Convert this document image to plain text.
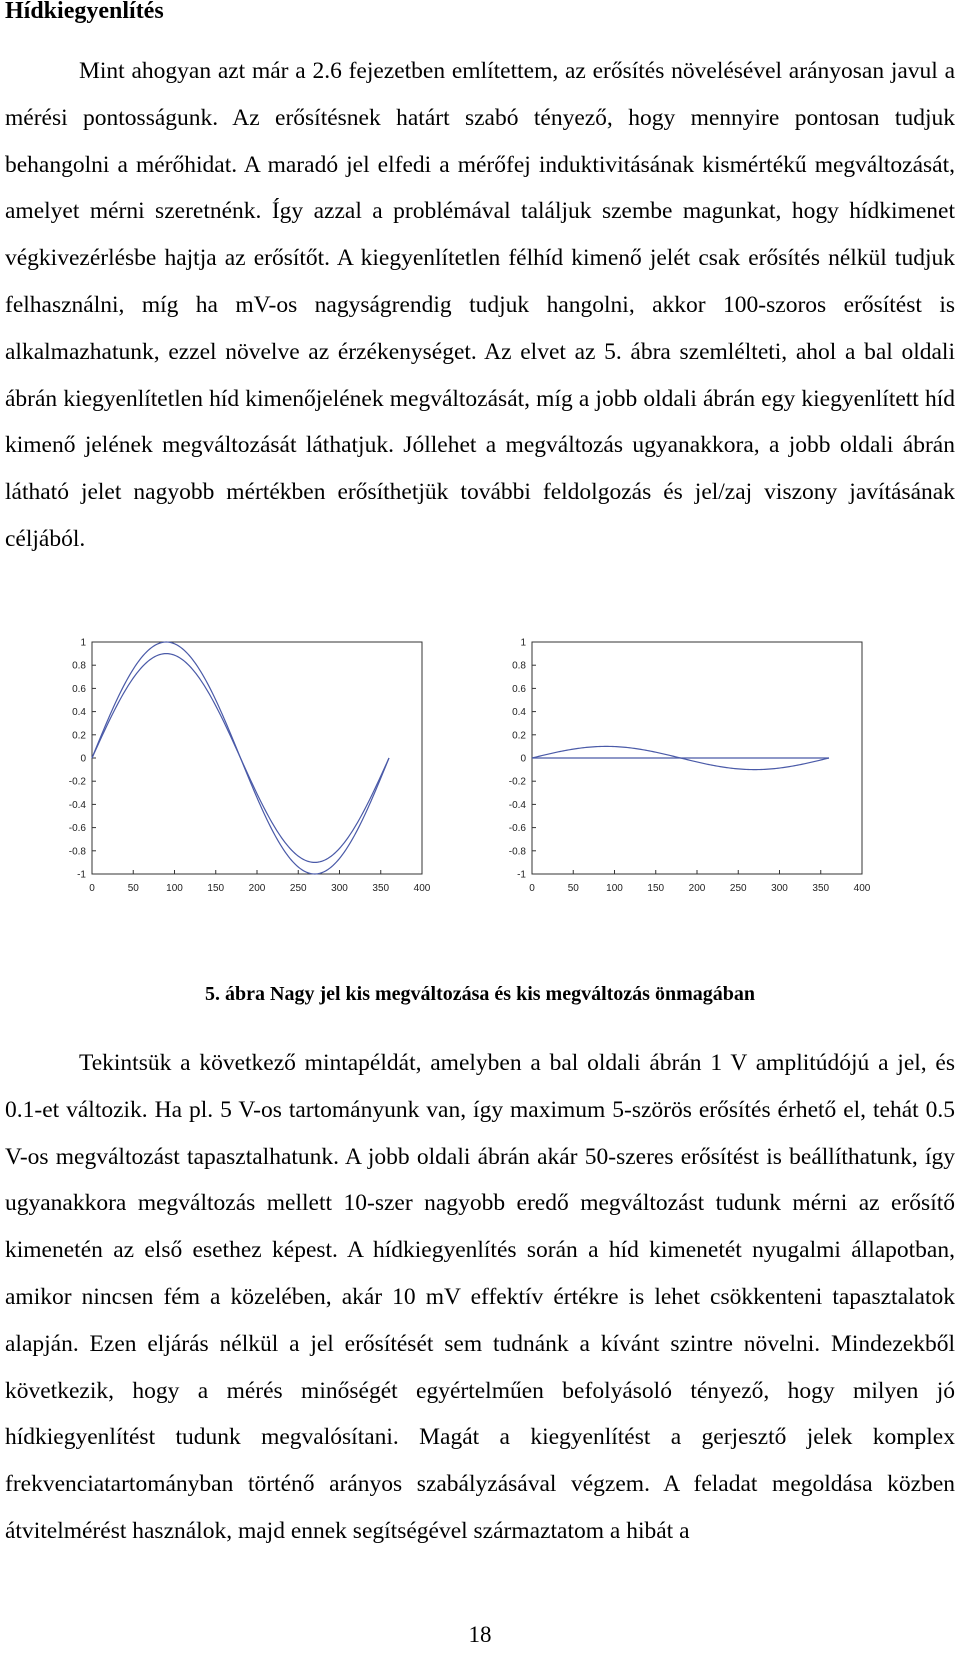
Hídkiegyenlítés

Mint ahogyan azt már a 2.6 fejezetben említettem, az erősítés növelésével arányosan javul a mérési pontosságunk. Az erősítésnek határt szabó tényező, hogy mennyire pontosan tudjuk behangolni a mérőhidat. A maradó jel elfedi a mérőfej induktivitásának kismértékű megváltozását, amelyet mérni szeretnénk. Így azzal a problémával találjuk szembe magunkat, hogy hídkimenet végkivezérlésbe hajtja az erősítőt. A kiegyenlítetlen félhíd kimenő jelét csak erősítés nélkül tudjuk felhasználni, míg ha mV-os nagyságrendig tudjuk hangolni, akkor 100-szoros erősítést is alkalmazhatunk, ezzel növelve az érzékenységet. Az elvet az 5. ábra szemlélteti, ahol a bal oldali ábrán kiegyenlítetlen híd kimenőjelének megváltozását, míg a jobb oldali ábrán egy kiegyenlített híd kimenő jelének megváltozását láthatjuk. Jóllehet a megváltozás ugyanakkora, a jobb oldali ábrán látható jelet nagyobb mértékben erősíthetjük további feldolgozás és jel/zaj viszony javításának céljából.

1
0.8
0.6
0.4
0.2
0
-0.2
-0.4
-0.6
-0.8
-1
0	50	100 150 200 250 300 350 400
1
0.8
0.6
0.4
0.2
0
-0.2
-0.4
-0.6
-0.8
-1
0	50	100 150 200 250 300 350 400

5. ábra Nagy jel kis megváltozása és kis megváltozás önmagában

Tekintsük a következő mintapéldát, amelyben a bal oldali ábrán 1 V amplitúdójú a jel, és 0.1-et változik. Ha pl. 5 V-os tartományunk van, így maximum 5-szörös erősítés érhető el, tehát 0.5 V-os megváltozást tapasztalhatunk. A jobb oldali ábrán akár 50-szeres erősítést is beállíthatunk, így ugyanakkora megváltozás mellett 10-szer nagyobb eredő megváltozást tudunk mérni az erősítő kimenetén az első esethez képest. A hídkiegyenlítés során a híd kimenetét nyugalmi állapotban, amikor nincsen fém a közelében, akár 10 mV effektív értékre is lehet csökkenteni tapasztalatok alapján. Ezen eljárás nélkül a jel erősítését sem tudnánk a kívánt szintre növelni. Mindezekből következik, hogy a mérés minőségét egyértelműen befolyásoló tényező, hogy milyen jó hídkiegyenlítést tudunk megvalósítani. Magát a kiegyenlítést a gerjesztő jelek komplex frekvenciatartományban történő arányos szabályzásával végzem. A feladat megoldása közben átvitelmérést használok, majd ennek segítségével származtatom a hibát a

18
